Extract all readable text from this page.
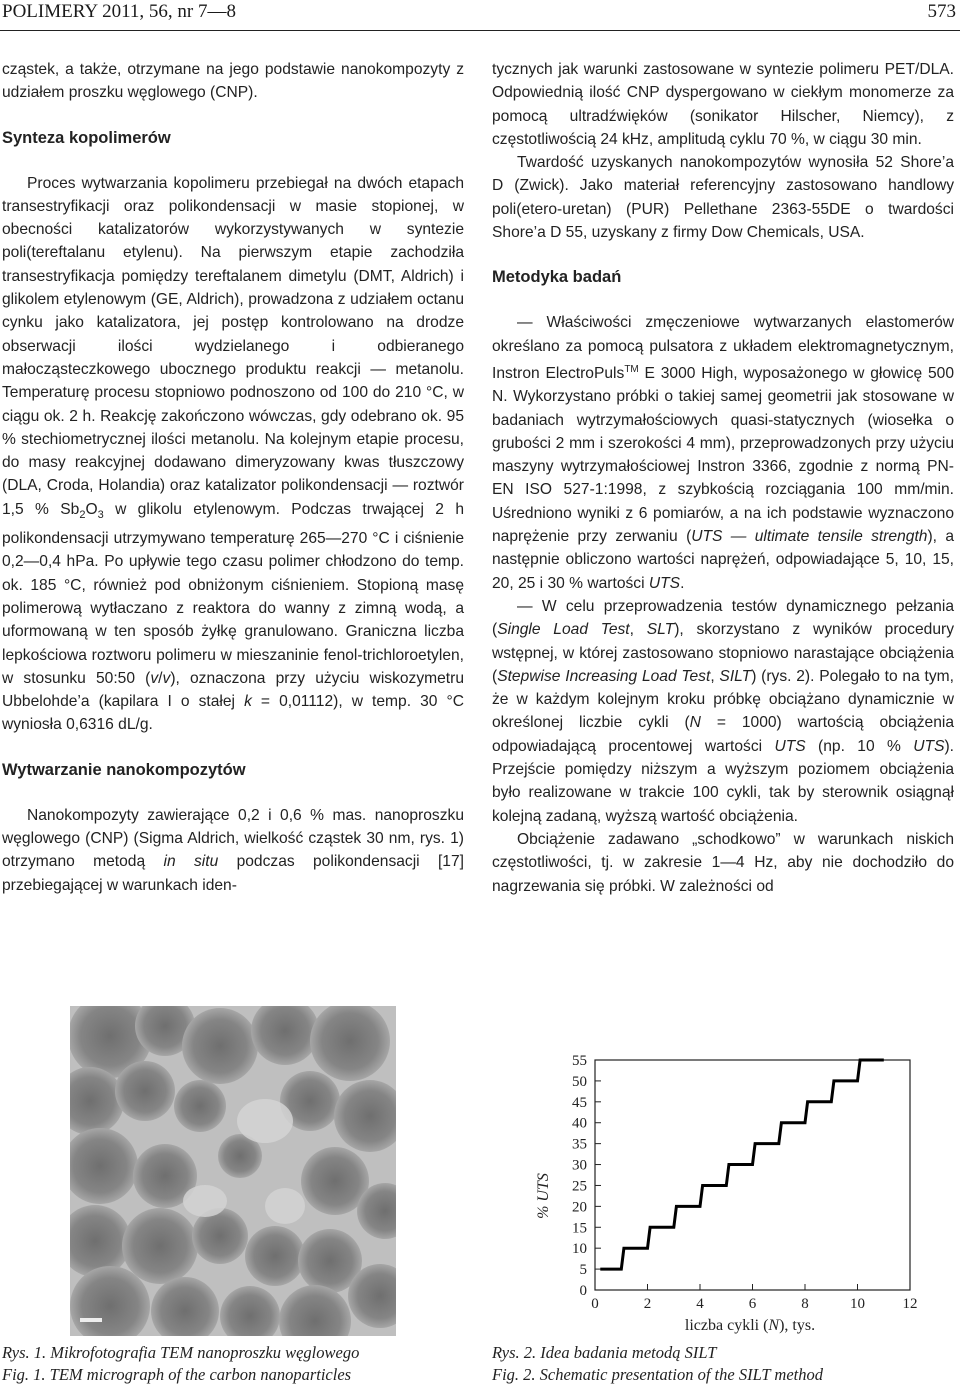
POLIMERY 2011, 56, nr 7—8	573

cząstek, a także, otrzymane na jego podstawie nanokompozyty z udziałem proszku węglowego (CNP).

Synteza kopolimerów

Proces wytwarzania kopolimeru przebiegał na dwóch etapach transestryfikacji oraz polikondensacji w masie stopionej, w obecności katalizatorów wykorzystywanych w syntezie poli(tereftalanu etylenu). Na pierwszym etapie zachodziła transestryfikacja pomiędzy tereftalanem dimetylu (DMT, Aldrich) i glikolem etylenowym (GE, Aldrich), prowadzona z udziałem octanu cynku jako katalizatora, jej postęp kontrolowano na drodze obserwacji ilości wydzielanego i odbieranego małocząsteczkowego ubocznego produktu reakcji — metanolu. Temperaturę procesu stopniowo podnoszono od 100 do 210 °C, w ciągu ok. 2 h. Reakcję zakończono wówczas, gdy odebrano ok. 95 % stechiometrycznej ilości metanolu. Na kolejnym etapie procesu, do masy reakcyjnej dodawano dimeryzowany kwas tłuszczowy (DLA, Croda, Holandia) oraz katalizator polikondensacji — roztwór 1,5 % $Sb_2O_3$ w glikolu etylenowym. Podczas trwającej 2 h polikondensacji utrzymywano temperaturę 265—270 °C i ciśnienie 0,2—0,4 hPa. Po upływie tego czasu polimer chłodzono do temp. ok. 185 °C, również pod obniżonym ciśnieniem. Stopioną masę polimerową wytłaczano z reaktora do wanny z zimną wodą, a uformowaną w ten sposób żyłkę granulowano. Graniczna liczba lepkościowa roztworu polimeru w mieszaninie fenol-trichloroetylen, w stosunku 50:50 (v/v), oznaczona przy użyciu wiskozymetru Ubbelohde’a (kapilara I o stałej k = 0,01112), w temp. 30 °C wyniosła 0,6316 dL/g.

Wytwarzanie nanokompozytów

Nanokompozyty zawierające 0,2 i 0,6 % mas. nanoproszku węglowego (CNP) (Sigma Aldrich, wielkość cząstek 30 nm, rys. 1) otrzymano metodą in situ podczas polikondensacji [17] przebiegającej w warunkach iden-

tycznych jak warunki zastosowane w syntezie polimeru PET/DLA. Odpowiednią ilość CNP dyspergowano w ciekłym monomerze za pomocą ultradźwięków (sonikator Hilscher, Niemcy), z częstotliwością 24 kHz, amplitudą cyklu 70 %, w ciągu 30 min.

Twardość uzyskanych nanokompozytów wynosiła 52 Shore’a D (Zwick). Jako materiał referencyjny zastosowano handlowy poli(etero-uretan) (PUR) Pellethane 2363-55DE o twardości Shore’a D 55, uzyskany z firmy Dow Chemicals, USA.

Metodyka badań

— Właściwości zmęczeniowe wytwarzanych elastomerów określano za pomocą pulsatora z układem elektromagnetycznym, Instron ElectroPuls™ E 3000 High, wyposażonego w głowicę 500 N. Wykorzystano próbki o takiej samej geometrii jak stosowane w badaniach wytrzymałościowych quasi-statycznych (wiosełka o grubości 2 mm i szerokości 4 mm), przeprowadzonych przy użyciu maszyny wytrzymałościowej Instron 3366, zgodnie z normą PN-EN ISO 527-1:1998, z szybkością rozciągania 100 mm/min. Uśredniono wyniki z 6 pomiarów, a na ich podstawie wyznaczono naprężenie przy zerwaniu (UTS — ultimate tensile strength), a następnie obliczono wartości naprężeń, odpowiadające 5, 10, 15, 20, 25 i 30 % wartości UTS.

— W celu przeprowadzenia testów dynamicznego pełzania (Single Load Test, SLT), skorzystano z wyników procedury wstępnej, w której zastosowano stopniowo narastające obciążenia (Stepwise Increasing Load Test, SILT) (rys. 2). Polegało to na tym, że w każdym kolejnym kroku próbkę obciążano dynamicznie w określonej liczbie cykli (N = 1000) wartością obciążenia odpowiadającą procentowej wartości UTS (np. 10 % UTS). Przejście pomiędzy niższym a wyższym poziomem obciążenia było realizowane w trakcie 100 cykli, tak by sterownik osiągnął kolejną zadaną, wyższą wartość obciążenia.

Obciążenie zadawano „schodkowo” w warunkach niskich częstotliwości, tj. w zakresie 1—4 Hz, aby nie dochodziło do nagrzewania się próbki. W zależności od

Rys. 1. Mikrofotografia TEM nanoproszku węglowego
Fig. 1. TEM micrograph of the carbon nanoparticles
0
5
10
15
20
25
30
35
40
45
50
55
0	2	4	6	8	10	12
% UTS
liczba cykli (N), tys.
Rys. 2. Idea badania metodą SILT
Fig. 2. Schematic presentation of the SILT method
